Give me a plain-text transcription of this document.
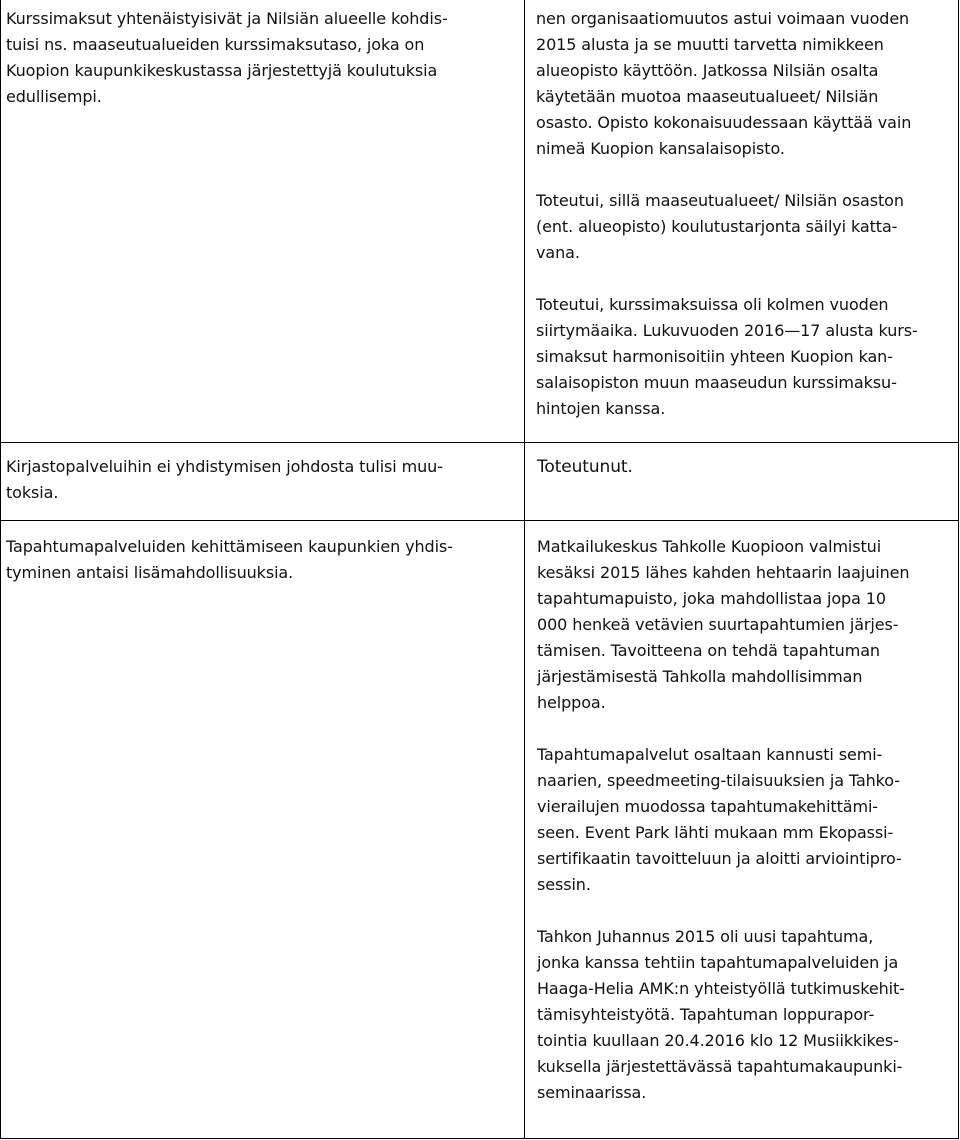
Kurssimaksut yhtenäistyisivät ja Nilsiän alueelle kohdis-
tuisi ns. maaseutualueiden kurssimaksutaso, joka on
Kuopion kaupunkikeskustassa järjestettyjä koulutuksia
edullisempi.

nen organisaatiomuutos astui voimaan vuoden
2015 alusta ja se muutti tarvetta nimikkeen
alueopisto käyttöön. Jatkossa Nilsiän osalta
käytetään muotoa maaseutualueet/ Nilsiän
osasto. Opisto kokonaisuudessaan käyttää vain
nimeä Kuopion kansalaisopisto.

Toteutui, sillä maaseutualueet/ Nilsiän osaston
(ent. alueopisto) koulutustarjonta säilyi katta-
vana.

Toteutui, kurssimaksuissa oli kolmen vuoden
siirtymäaika. Lukuvuoden 2016—17 alusta kurs-
simaksut harmonisoitiin yhteen Kuopion kan-
salaisopiston muun maaseudun kurssimaksu-
hintojen kanssa.

Kirjastopalveluihin ei yhdistymisen johdosta tulisi muu-
toksia.

Toteutunut.

Tapahtumapalveluiden kehittämiseen kaupunkien yhdis-
tyminen antaisi lisämahdollisuuksia.

Matkailukeskus Tahkolle Kuopioon valmistui
kesäksi 2015 lähes kahden hehtaarin laajuinen
tapahtumapuisto, joka mahdollistaa jopa 10
000 henkeä vetävien suurtapahtumien järjes-
tämisen. Tavoitteena on tehdä tapahtuman
järjestämisestä Tahkolla mahdollisimman
helppoa.

Tapahtumapalvelut osaltaan kannusti semi-
naarien, speedmeeting-tilaisuuksien ja Tahko-
vierailujen muodossa tapahtumakehittämi-
seen. Event Park lähti mukaan mm Ekopassi-
sertifikaatin tavoitteluun ja aloitti arviointipro-
sessin.

Tahkon Juhannus 2015 oli uusi tapahtuma,
jonka kanssa tehtiin tapahtumapalveluiden ja
Haaga-Helia AMK:n yhteistyöllä tutkimuskehit-
tämisyhteistyötä. Tapahtuman loppurapor-
tointia kuullaan 20.4.2016 klo 12 Musiikkikes-
kuksella järjestettävässä tapahtumakaupunki-
seminaarissa.
